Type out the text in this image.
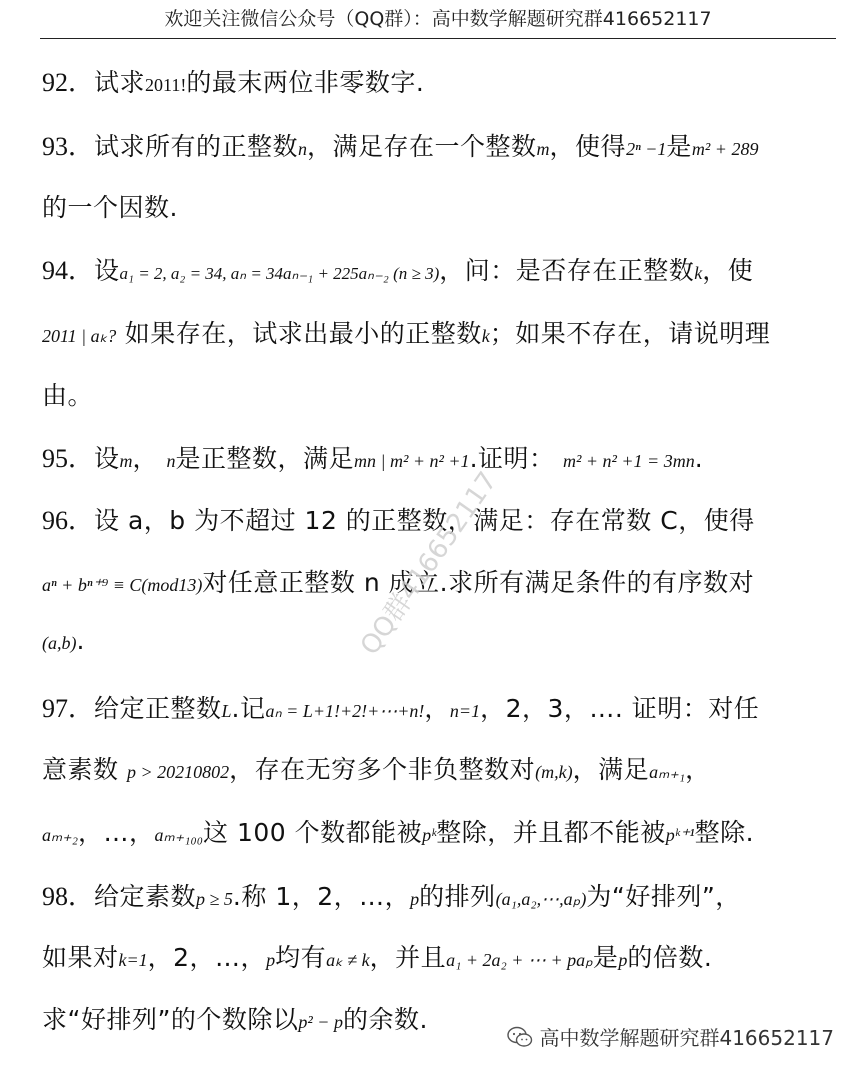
欢迎关注微信公众号（QQ群）：高中数学解题研究群416652117
92．试求2011!的最末两位非零数字.
93．试求所有的正整数n，满足存在一个整数m，使得2ⁿ −1是m² + 289
的一个因数.
94．设a₁ = 2, a₂ = 34, aₙ = 34aₙ₋₁ + 225aₙ₋₂ (n ≥ 3)，问：是否存在正整数k，使
2011 | aₖ? 如果存在，试求出最小的正整数k；如果不存在，请说明理
由。
95．设m， n是正整数，满足mn | m² + n² +1.证明： m² + n² +1 = 3mn.
96．设 a，b 为不超过 12 的正整数，满足：存在常数 C，使得
aⁿ + bⁿ⁺⁹ ≡ C(mod13)对任意正整数 n 成立.求所有满足条件的有序数对
(a,b).
97．给定正整数L.记aₙ = L+1!+2!+⋯+n!，n=1，2，3，…. 证明：对任
意素数 p > 20210802，存在无穷多个非负整数对(m,k)，满足aₘ₊₁，
aₘ₊₂，…，aₘ₊₁₀₀这 100 个数都能被pᵏ整除，并且都不能被pᵏ⁺¹整除.
98．给定素数p ≥ 5.称 1，2，…，p的排列(a₁,a₂,⋯,aₚ)为“好排列”，
如果对k=1，2，…，p均有aₖ ≠ k，并且a₁ + 2a₂ + ⋯ + paₚ是p的倍数.
求“好排列”的个数除以p² − p的余数.
QQ群416652117
高中数学解题研究群416652117
